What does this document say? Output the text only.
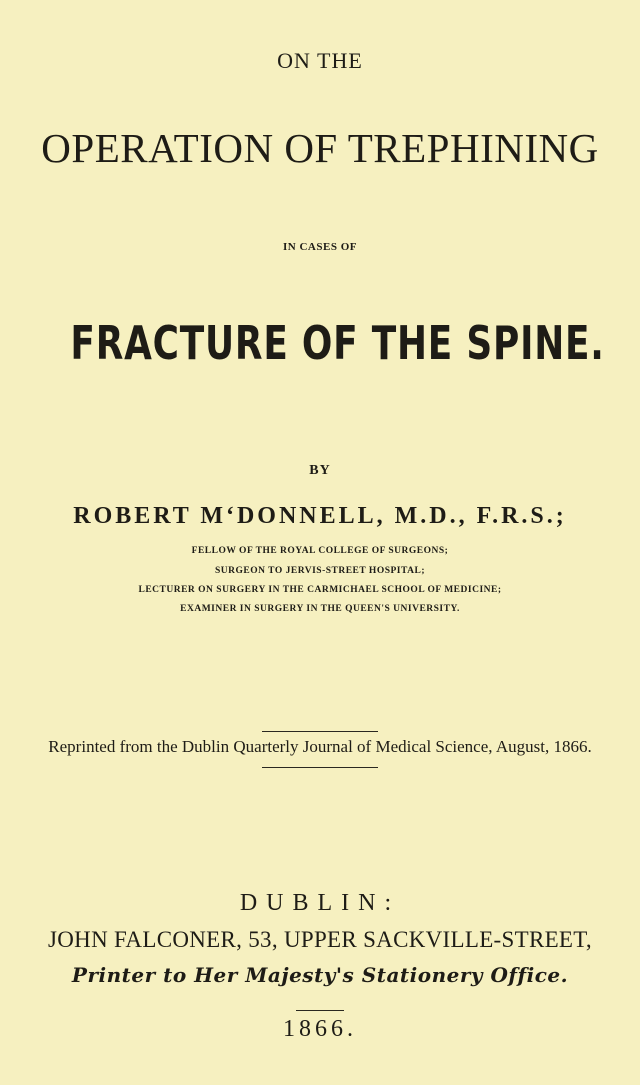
ON THE
OPERATION OF TREPHINING
IN CASES OF
FRACTURE OF THE SPINE.
BY
ROBERT M‘DONNELL, M.D., F.R.S.;
FELLOW OF THE ROYAL COLLEGE OF SURGEONS;
SURGEON TO JERVIS-STREET HOSPITAL;
LECTURER ON SURGERY IN THE CARMICHAEL SCHOOL OF MEDICINE;
EXAMINER IN SURGERY IN THE QUEEN'S UNIVERSITY.
Reprinted from the Dublin Quarterly Journal of Medical Science, August, 1866.
DUBLIN:
JOHN FALCONER, 53, UPPER SACKVILLE-STREET,
Printer to Her Majesty's Stationery Office.
1866.
